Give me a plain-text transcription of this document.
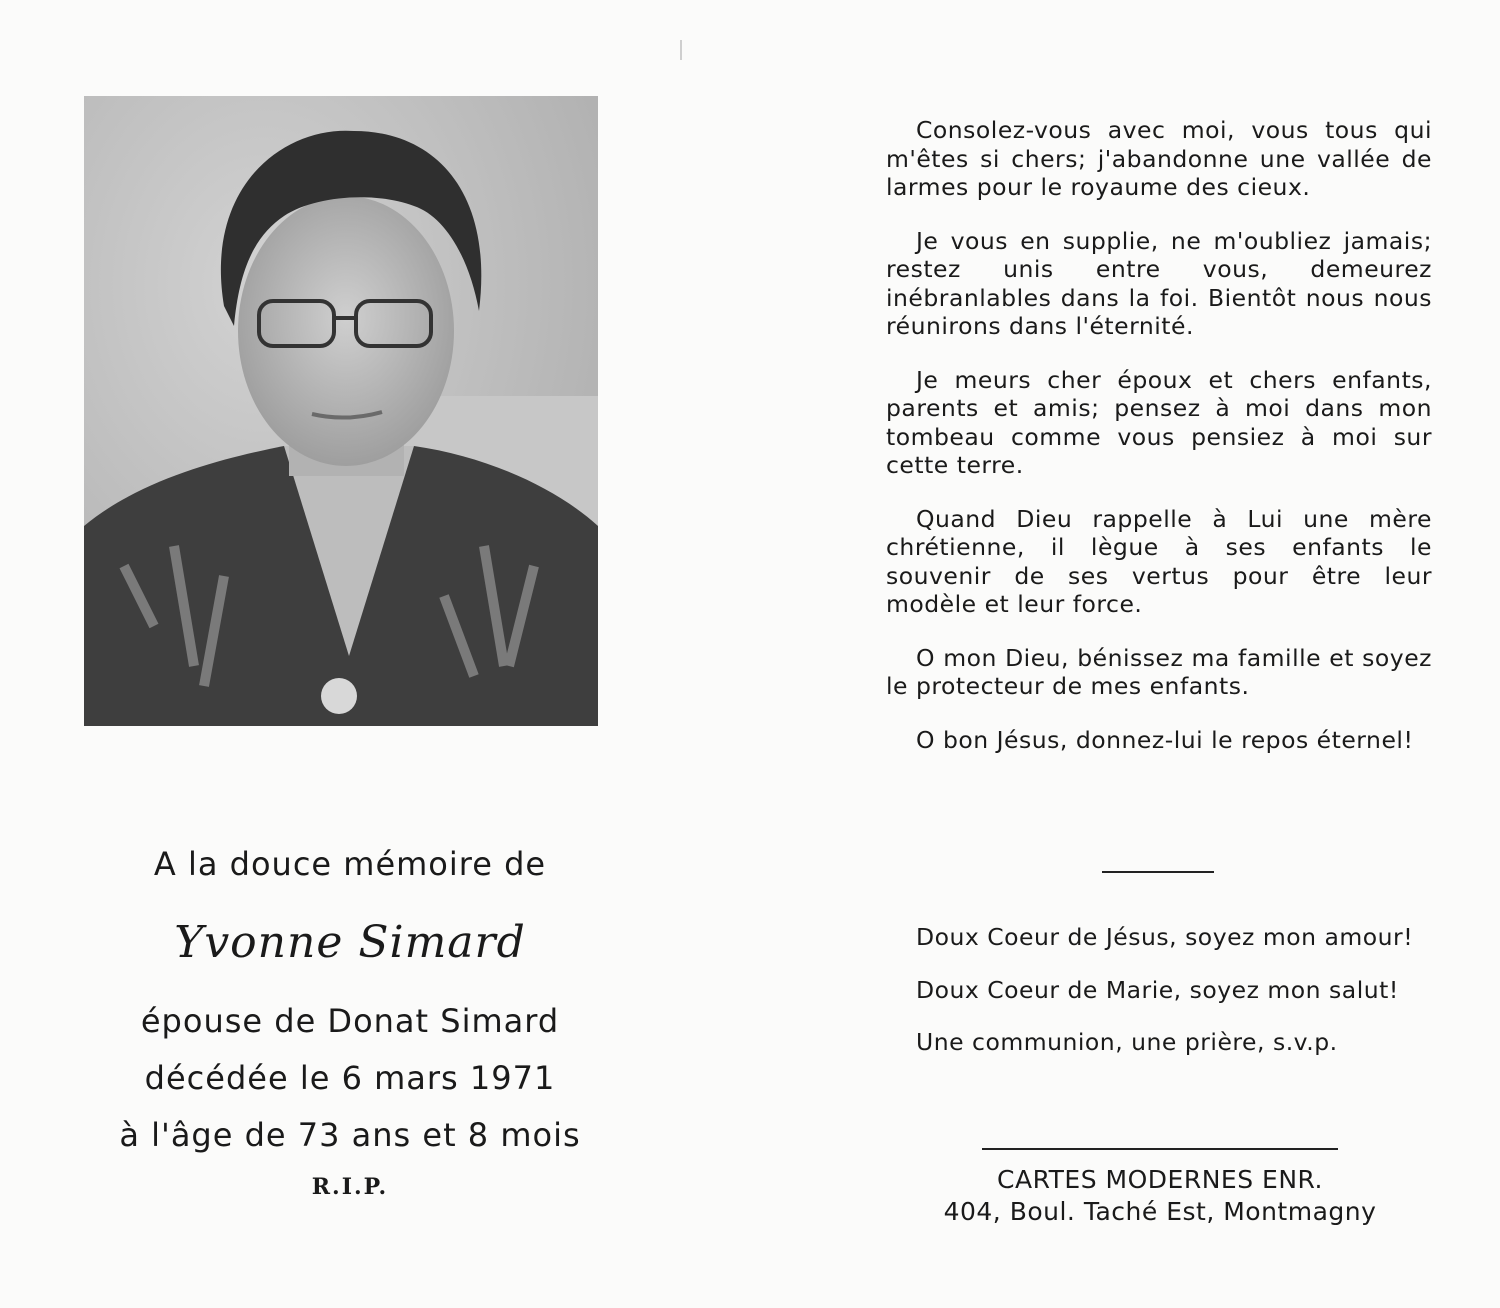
A la douce mémoire de
Yvonne Simard
épouse de Donat Simard
décédée le 6 mars 1971
à l'âge de 73 ans et 8 mois
R.I.P.

Consolez-vous avec moi, vous tous qui m'êtes si chers; j'abandonne une vallée de larmes pour le royaume des cieux.

Je vous en supplie, ne m'oubliez jamais; restez unis entre vous, demeurez inébranlables dans la foi. Bientôt nous nous réunirons dans l'éternité.

Je meurs cher époux et chers enfants, parents et amis; pensez à moi dans mon tombeau comme vous pensiez à moi sur cette terre.

Quand Dieu rappelle à Lui une mère chrétienne, il lègue à ses enfants le souvenir de ses vertus pour être leur modèle et leur force.

O mon Dieu, bénissez ma famille et soyez le protecteur de mes enfants.

O bon Jésus, donnez-lui le repos éternel!

Doux Coeur de Jésus, soyez mon amour!

Doux Coeur de Marie, soyez mon salut!

Une communion, une prière, s.v.p.

CARTES MODERNES ENR.
404, Boul. Taché Est, Montmagny
